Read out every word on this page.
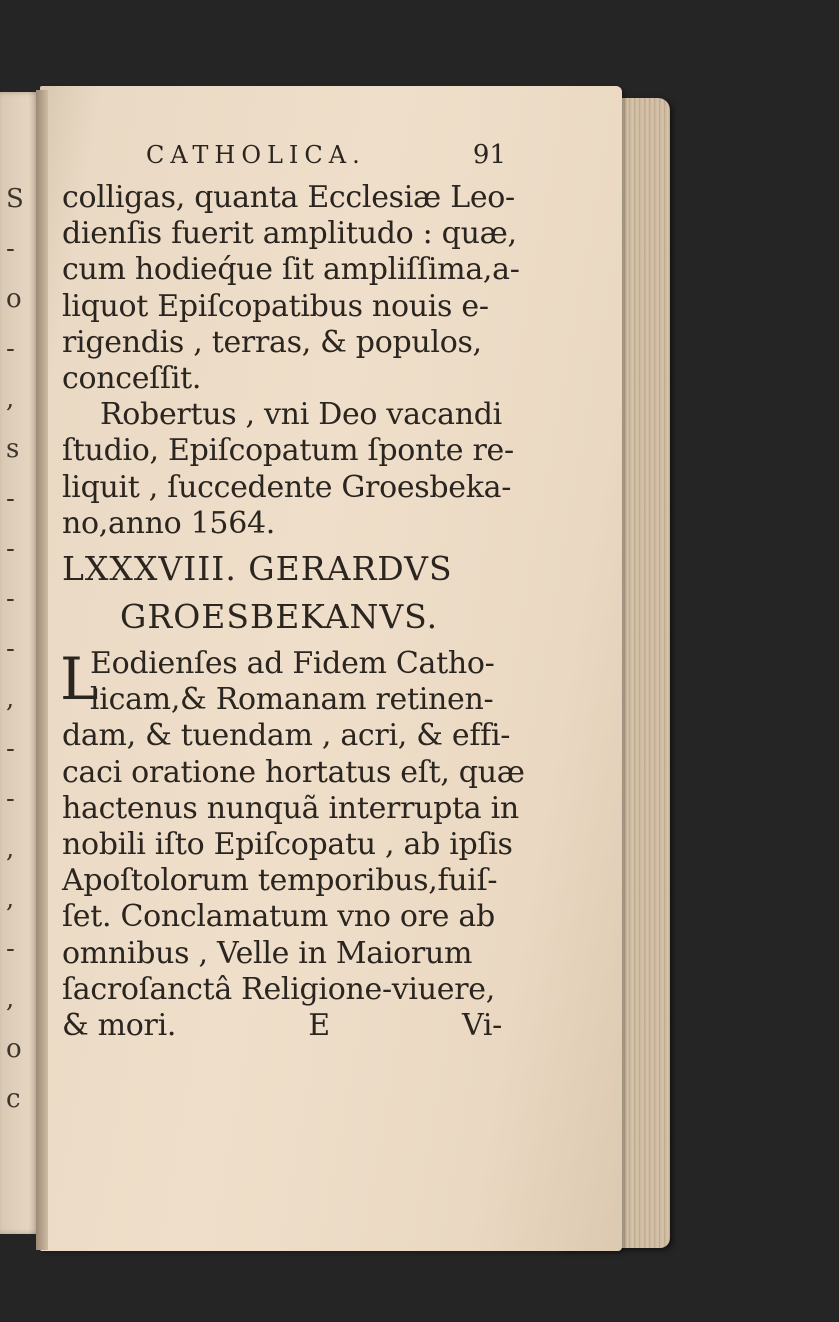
S
-
o
-
,
s
-
-
-
-
,
-
-
,
,
-
,
o
c
CATHOLICA.	91
colligas, quanta Ecclesiæ Leo-
dienſis fuerit amplitudo : quæ,
cum hodieq́ue ſit ampliſſima,a-
liquot Epiſcopatibus nouis e-
rigendis , terras, & populos,
conceſſit.
Robertus , vni Deo vacandi
ſtudio, Epiſcopatum ſponte re-
liquit , ſuccedente Groesbeka-
no,anno 1564.
LXXXVIII. GERARDVS
GROESBEKANVS.
L
Eodienſes ad Fidem Catho-
licam,& Romanam retinen-
dam, & tuendam , acri, & effi-
caci oratione hortatus eſt, quæ
hactenus nunquã interrupta in
nobili iſto Epiſcopatu , ab ipſis
Apoſtolorum temporibus,fuiſ-
ſet. Conclamatum vno ore ab
omnibus , Velle in Maiorum
ſacroſanctâ Religione-viuere,
& mori.	E	Vi-
